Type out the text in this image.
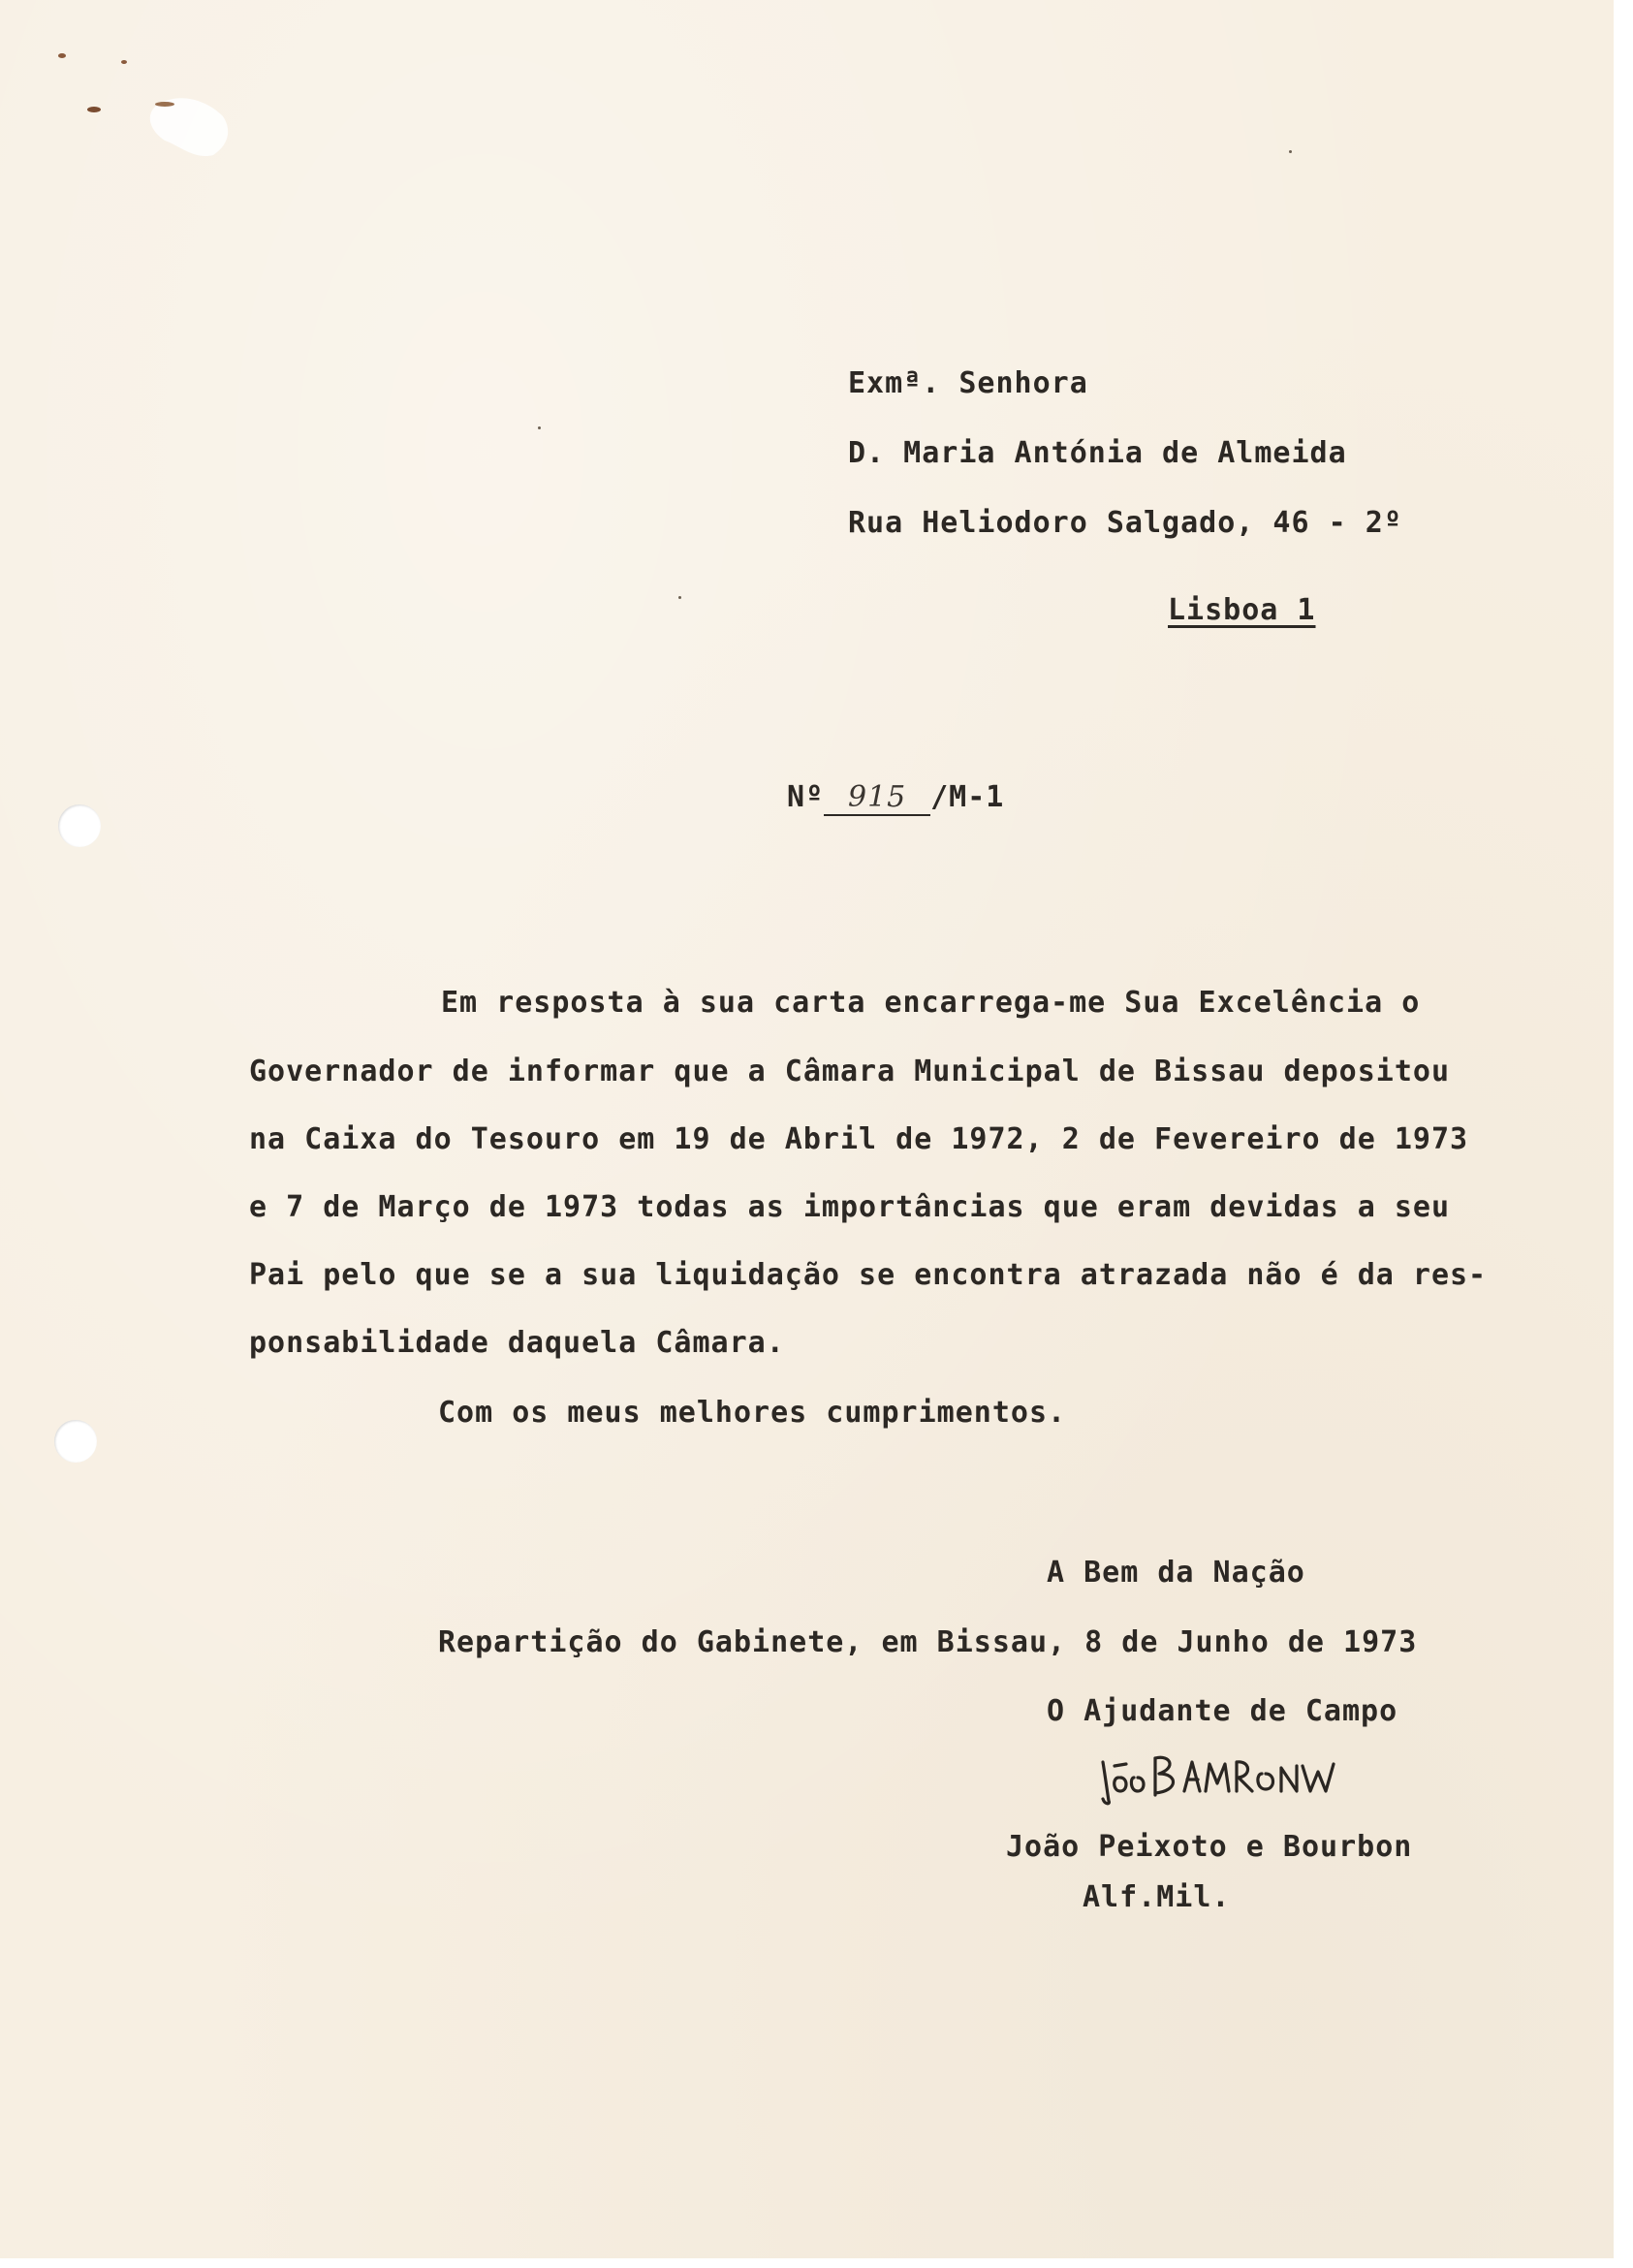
Exmª. Senhora
D. Maria Antónia de Almeida
Rua Heliodoro Salgado, 46 - 2º
Lisboa 1
Nº 915 /M-1
Em resposta à sua carta encarrega-me Sua Excelência o
Governador de informar que a Câmara Municipal de Bissau depositou
na Caixa do Tesouro em 19 de Abril de 1972, 2 de Fevereiro de 1973
e 7 de Março de 1973 todas as importâncias que eram devidas a seu
Pai pelo que se a sua liquidação se encontra atrazada não é da res-
ponsabilidade daquela Câmara.
Com os meus melhores cumprimentos.
A Bem da Nação
Repartição do Gabinete, em Bissau, 8 de Junho de 1973
O Ajudante de Campo
João Peixoto e Bourbon
Alf.Mil.
